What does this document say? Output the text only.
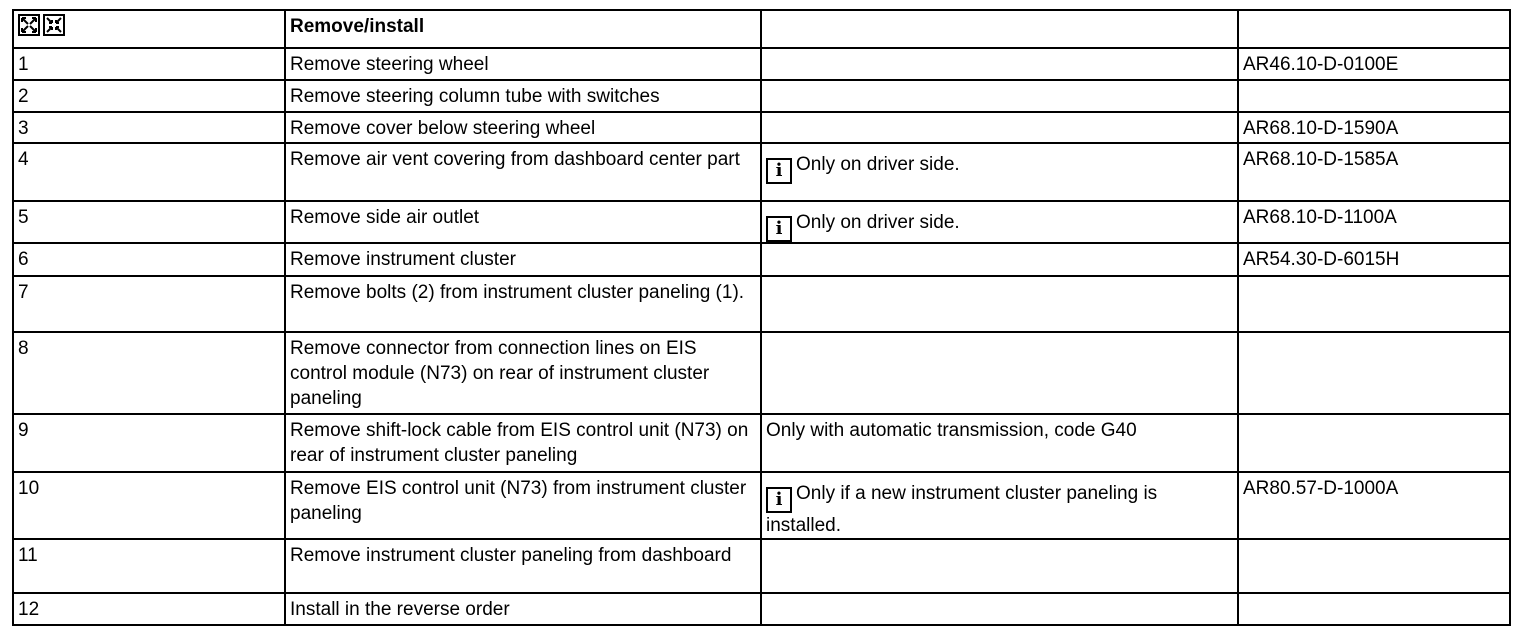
	Remove/install		
1	Remove steering wheel		AR46.10-D-0100E
2	Remove steering column tube with switches		
3	Remove cover below steering wheel		AR68.10-D-1590A
4	Remove air vent covering from dashboard center part	i Only on driver side.	AR68.10-D-1585A
5	Remove side air outlet	i Only on driver side.	AR68.10-D-1100A
6	Remove instrument cluster		AR54.30-D-6015H
7	Remove bolts (2) from instrument cluster paneling (1).		
8	Remove connector from connection lines on EIS control module (N73) on rear of instrument cluster paneling		
9	Remove shift-lock cable from EIS control unit (N73) on rear of instrument cluster paneling	Only with automatic transmission, code G40	
10	Remove EIS control unit (N73) from instrument cluster paneling	i Only if a new instrument cluster paneling is installed.	AR80.57-D-1000A
11	Remove instrument cluster paneling from dashboard		
12	Install in the reverse order		
